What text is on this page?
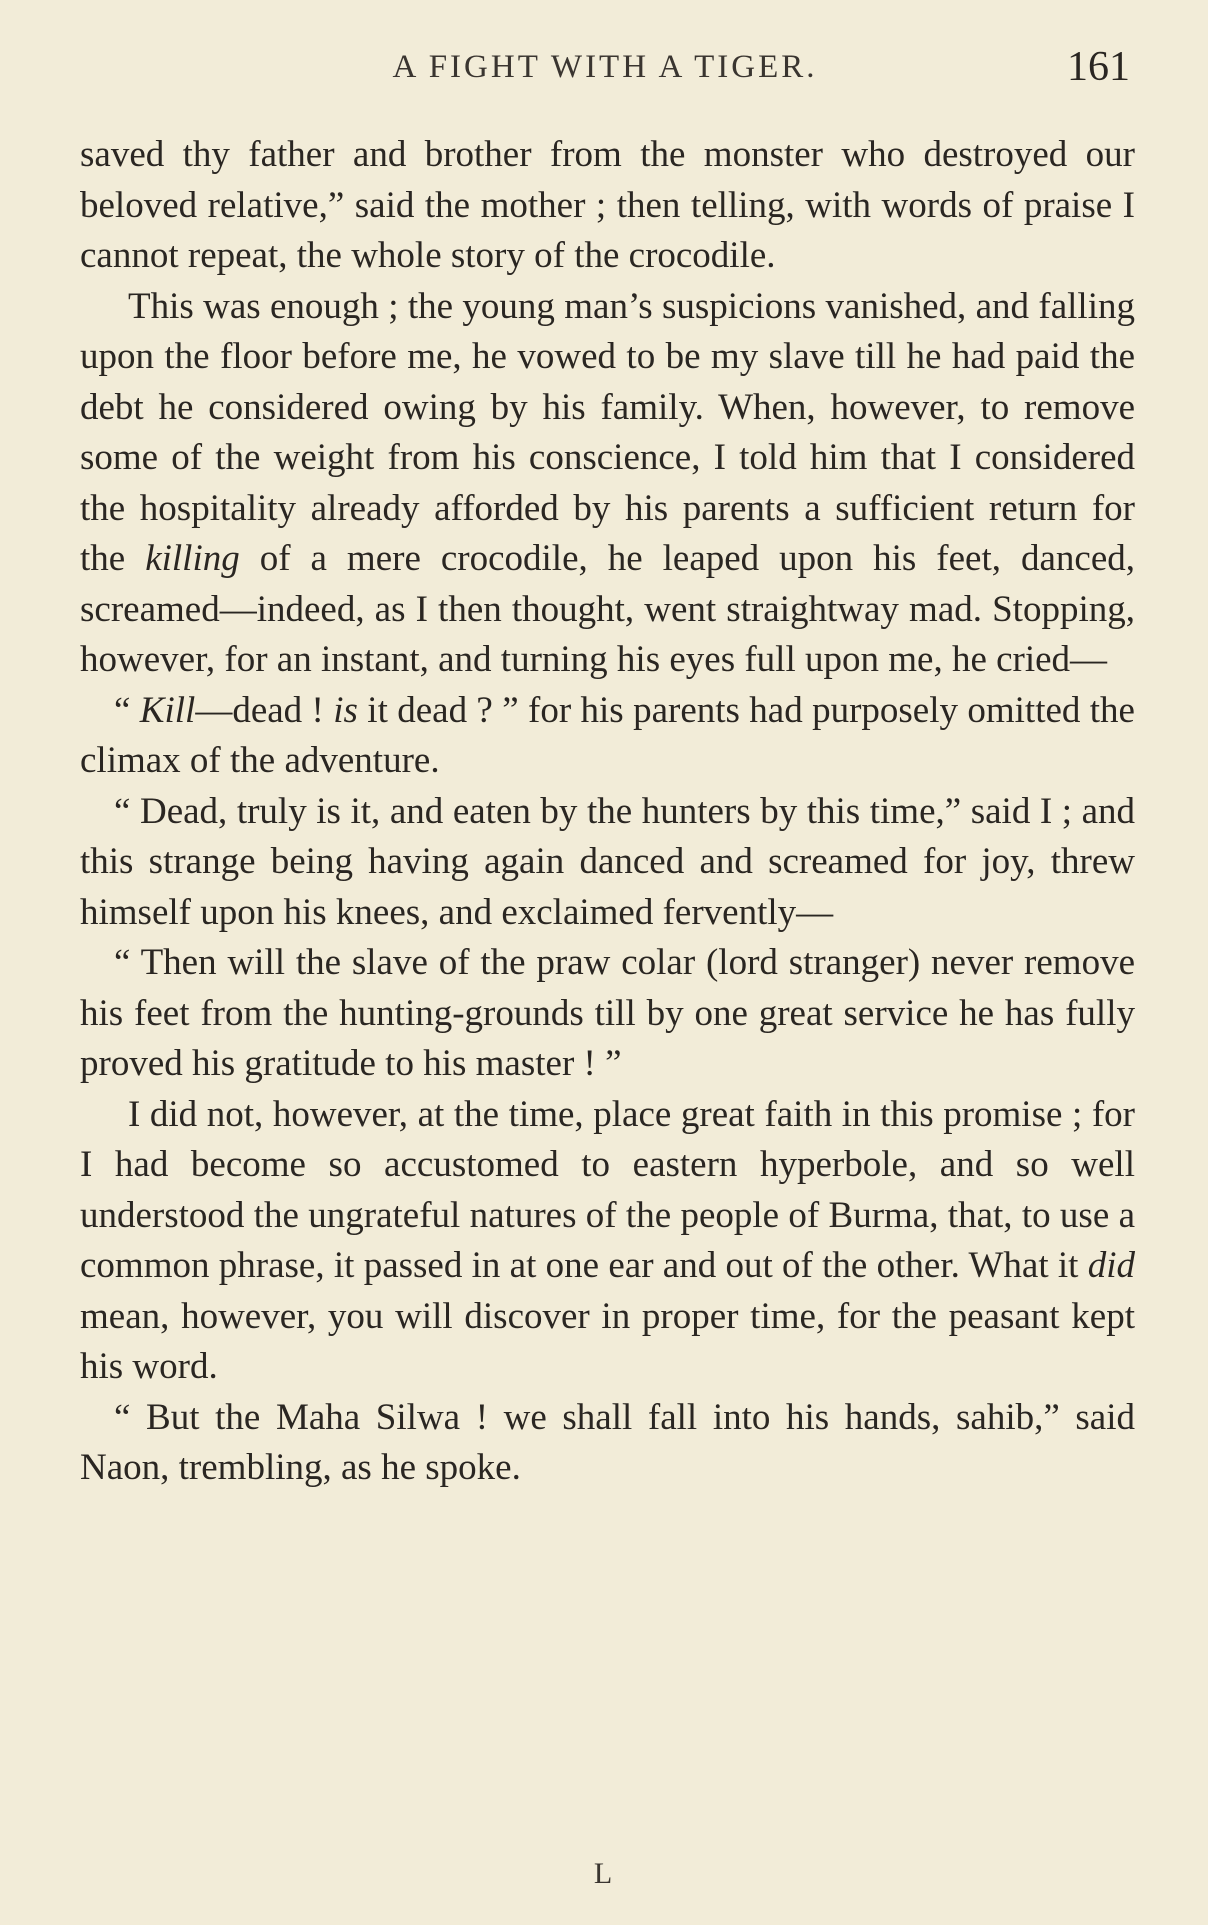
A FIGHT WITH A TIGER.	161

saved thy father and brother from the monster who destroyed our beloved relative,” said the mother ; then telling, with words of praise I cannot repeat, the whole story of the crocodile.

This was enough ; the young man’s suspicions vanished, and falling upon the floor before me, he vowed to be my slave till he had paid the debt he considered owing by his family. When, however, to remove some of the weight from his conscience, I told him that I considered the hospitality already afforded by his parents a sufficient return for the killing of a mere crocodile, he leaped upon his feet, danced, screamed—indeed, as I then thought, went straightway mad. Stopping, however, for an instant, and turning his eyes full upon me, he cried—

“ Kill—dead ! is it dead ? ” for his parents had purposely omitted the climax of the adventure.

“ Dead, truly is it, and eaten by the hunters by this time,” said I ; and this strange being having again danced and screamed for joy, threw himself upon his knees, and exclaimed fervently—

“ Then will the slave of the praw colar (lord stranger) never remove his feet from the hunting-grounds till by one great service he has fully proved his gratitude to his master ! ”

I did not, however, at the time, place great faith in this promise ; for I had become so accustomed to eastern hyperbole, and so well understood the ungrateful natures of the people of Burma, that, to use a common phrase, it passed in at one ear and out of the other. What it did mean, however, you will discover in proper time, for the peasant kept his word.

“ But the Maha Silwa ! we shall fall into his hands, sahib,” said Naon, trembling, as he spoke.

L
